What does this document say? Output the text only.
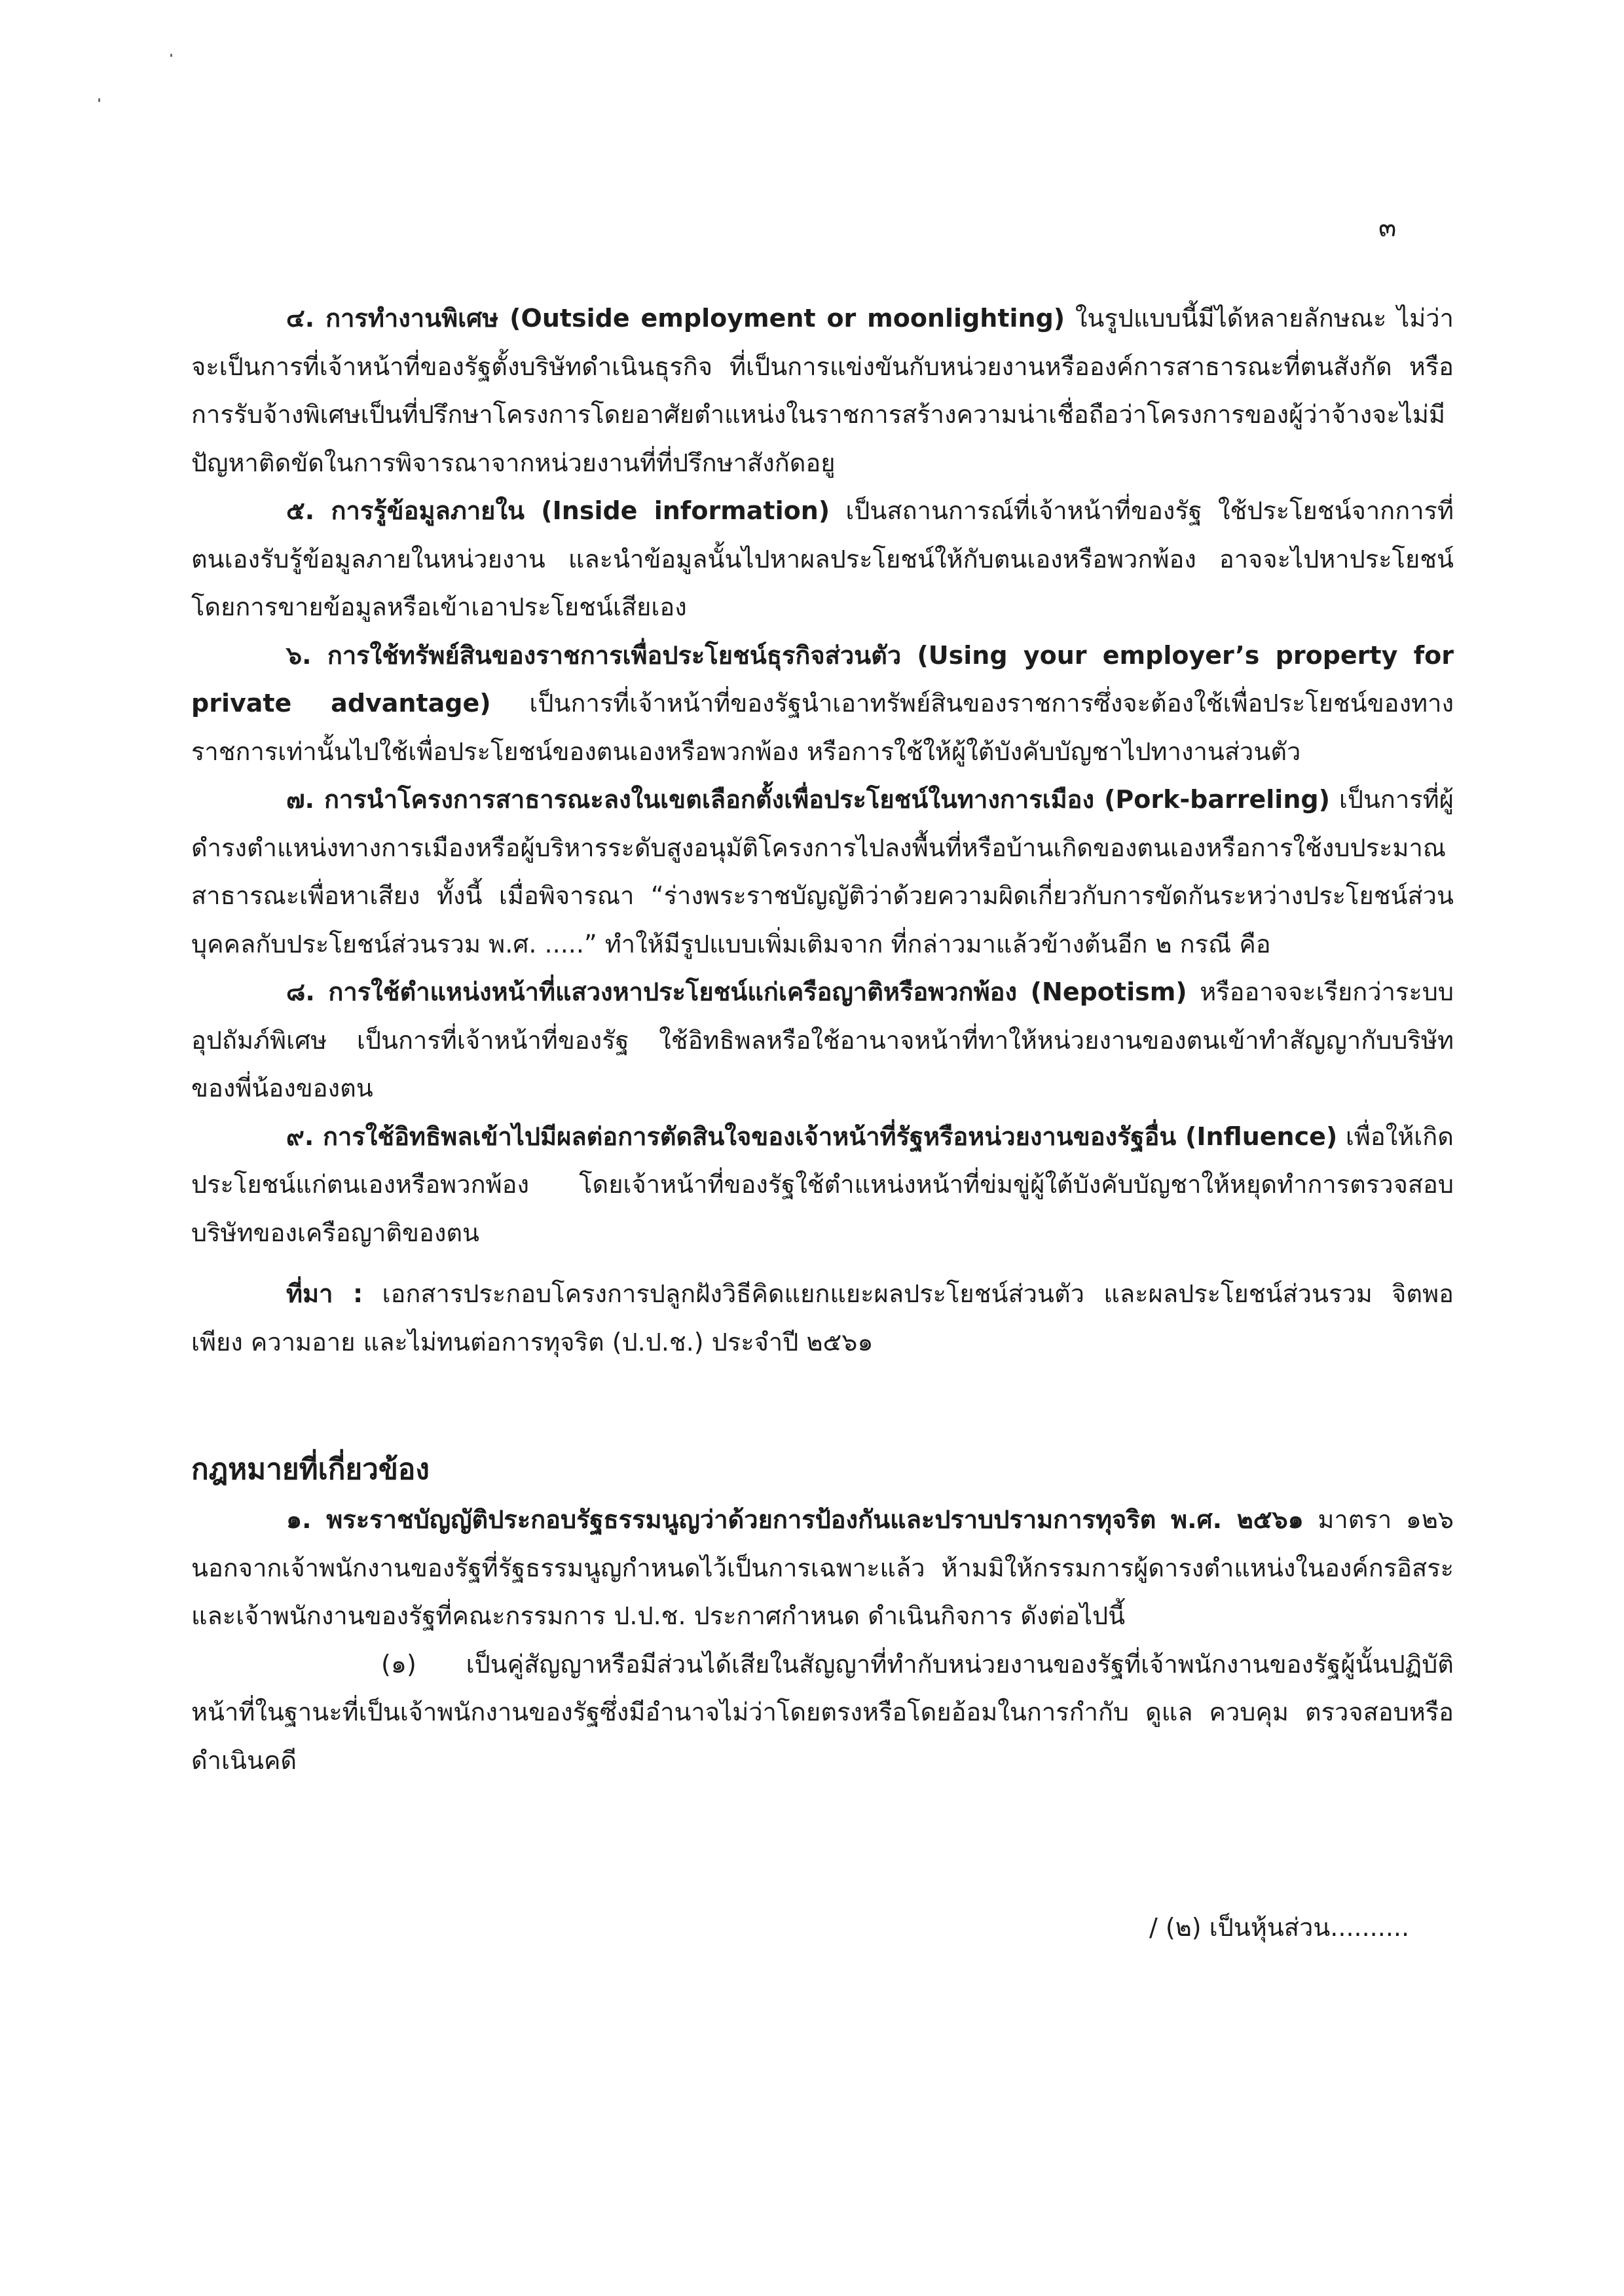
๓

๔. การทำงานพิเศษ (Outside employment or moonlighting) ในรูปแบบนี้มีได้หลายลักษณะ ไม่ว่าจะเป็นการที่เจ้าหน้าที่ของรัฐตั้งบริษัทดำเนินธุรกิจ ที่เป็นการแข่งขันกับหน่วยงานหรือองค์การสาธารณะที่ตนสังกัด หรือการรับจ้างพิเศษเป็นที่ปรึกษาโครงการโดยอาศัยตำแหน่งในราชการสร้างความน่าเชื่อถือว่าโครงการของผู้ว่าจ้างจะไม่มีปัญหาติดขัดในการพิจารณาจากหน่วยงานที่ที่ปรึกษาสังกัดอยู

๕. การรู้ข้อมูลภายใน (Inside information) เป็นสถานการณ์ที่เจ้าหน้าที่ของรัฐ ใช้ประโยชน์จากการที่ตนเองรับรู้ข้อมูลภายในหน่วยงาน และนำข้อมูลนั้นไปหาผลประโยชน์ให้กับตนเองหรือพวกพ้อง อาจจะไปหาประโยชน์โดยการขายข้อมูลหรือเข้าเอาประโยชน์เสียเอง

๖. การใช้ทรัพย์สินของราชการเพื่อประโยชน์ธุรกิจส่วนตัว (Using your employer’s property for private advantage) เป็นการที่เจ้าหน้าที่ของรัฐนำเอาทรัพย์สินของราชการซึ่งจะต้องใช้เพื่อประโยชน์ของทางราชการเท่านั้นไปใช้เพื่อประโยชน์ของตนเองหรือพวกพ้อง หรือการใช้ให้ผู้ใต้บังคับบัญชาไปทางานส่วนตัว

๗. การนำโครงการสาธารณะลงในเขตเลือกตั้งเพื่อประโยชน์ในทางการเมือง (Pork-barreling) เป็นการที่ผู้ดำรงตำแหน่งทางการเมืองหรือผู้บริหารระดับสูงอนุมัติโครงการไปลงพื้นที่หรือบ้านเกิดของตนเองหรือการใช้งบประมาณสาธารณะเพื่อหาเสียง ทั้งนี้ เมื่อพิจารณา “ร่างพระราชบัญญัติว่าด้วยความผิดเกี่ยวกับการขัดกันระหว่างประโยชน์ส่วนบุคคลกับประโยชน์ส่วนรวม พ.ศ. .....” ทำให้มีรูปแบบเพิ่มเติมจาก ที่กล่าวมาแล้วข้างต้นอีก ๒ กรณี คือ

๘. การใช้ตำแหน่งหน้าที่แสวงหาประโยชน์แก่เครือญาติหรือพวกพ้อง (Nepotism) หรืออาจจะเรียกว่าระบบอุปถัมภ์พิเศษ เป็นการที่เจ้าหน้าที่ของรัฐ ใช้อิทธิพลหรือใช้อานาจหน้าที่ทาให้หน่วยงานของตนเข้าทำสัญญากับบริษัทของพี่น้องของตน

๙. การใช้อิทธิพลเข้าไปมีผลต่อการตัดสินใจของเจ้าหน้าที่รัฐหรือหน่วยงานของรัฐอื่น (Influence) เพื่อให้เกิดประโยชน์แก่ตนเองหรือพวกพ้อง โดยเจ้าหน้าที่ของรัฐใช้ตำแหน่งหน้าที่ข่มขู่ผู้ใต้บังคับบัญชาให้หยุดทำการตรวจสอบบริษัทของเครือญาติของตน

ที่มา : เอกสารประกอบโครงการปลูกฝังวิธีคิดแยกแยะผลประโยชน์ส่วนตัว และผลประโยชน์ส่วนรวม จิตพอเพียง ความอาย และไม่ทนต่อการทุจริต (ป.ป.ช.) ประจำปี ๒๕๖๑

กฎหมายที่เกี่ยวข้อง

๑. พระราชบัญญัติประกอบรัฐธรรมนูญว่าด้วยการป้องกันและปราบปรามการทุจริต พ.ศ. ๒๕๖๑ มาตรา ๑๒๖ นอกจากเจ้าพนักงานของรัฐที่รัฐธรรมนูญกำหนดไว้เป็นการเฉพาะแล้ว ห้ามมิให้กรรมการผู้ดารงตำแหน่งในองค์กรอิสระ และเจ้าพนักงานของรัฐที่คณะกรรมการ ป.ป.ช. ประกาศกำหนด ดำเนินกิจการ ดังต่อไปนี้

(๑) เป็นคู่สัญญาหรือมีส่วนได้เสียในสัญญาที่ทำกับหน่วยงานของรัฐที่เจ้าพนักงานของรัฐผู้นั้นปฏิบัติหน้าที่ในฐานะที่เป็นเจ้าพนักงานของรัฐซึ่งมีอำนาจไม่ว่าโดยตรงหรือโดยอ้อมในการกำกับ ดูแล ควบคุม ตรวจสอบหรือดำเนินคดี

/ (๒) เป็นหุ้นส่วน..........
